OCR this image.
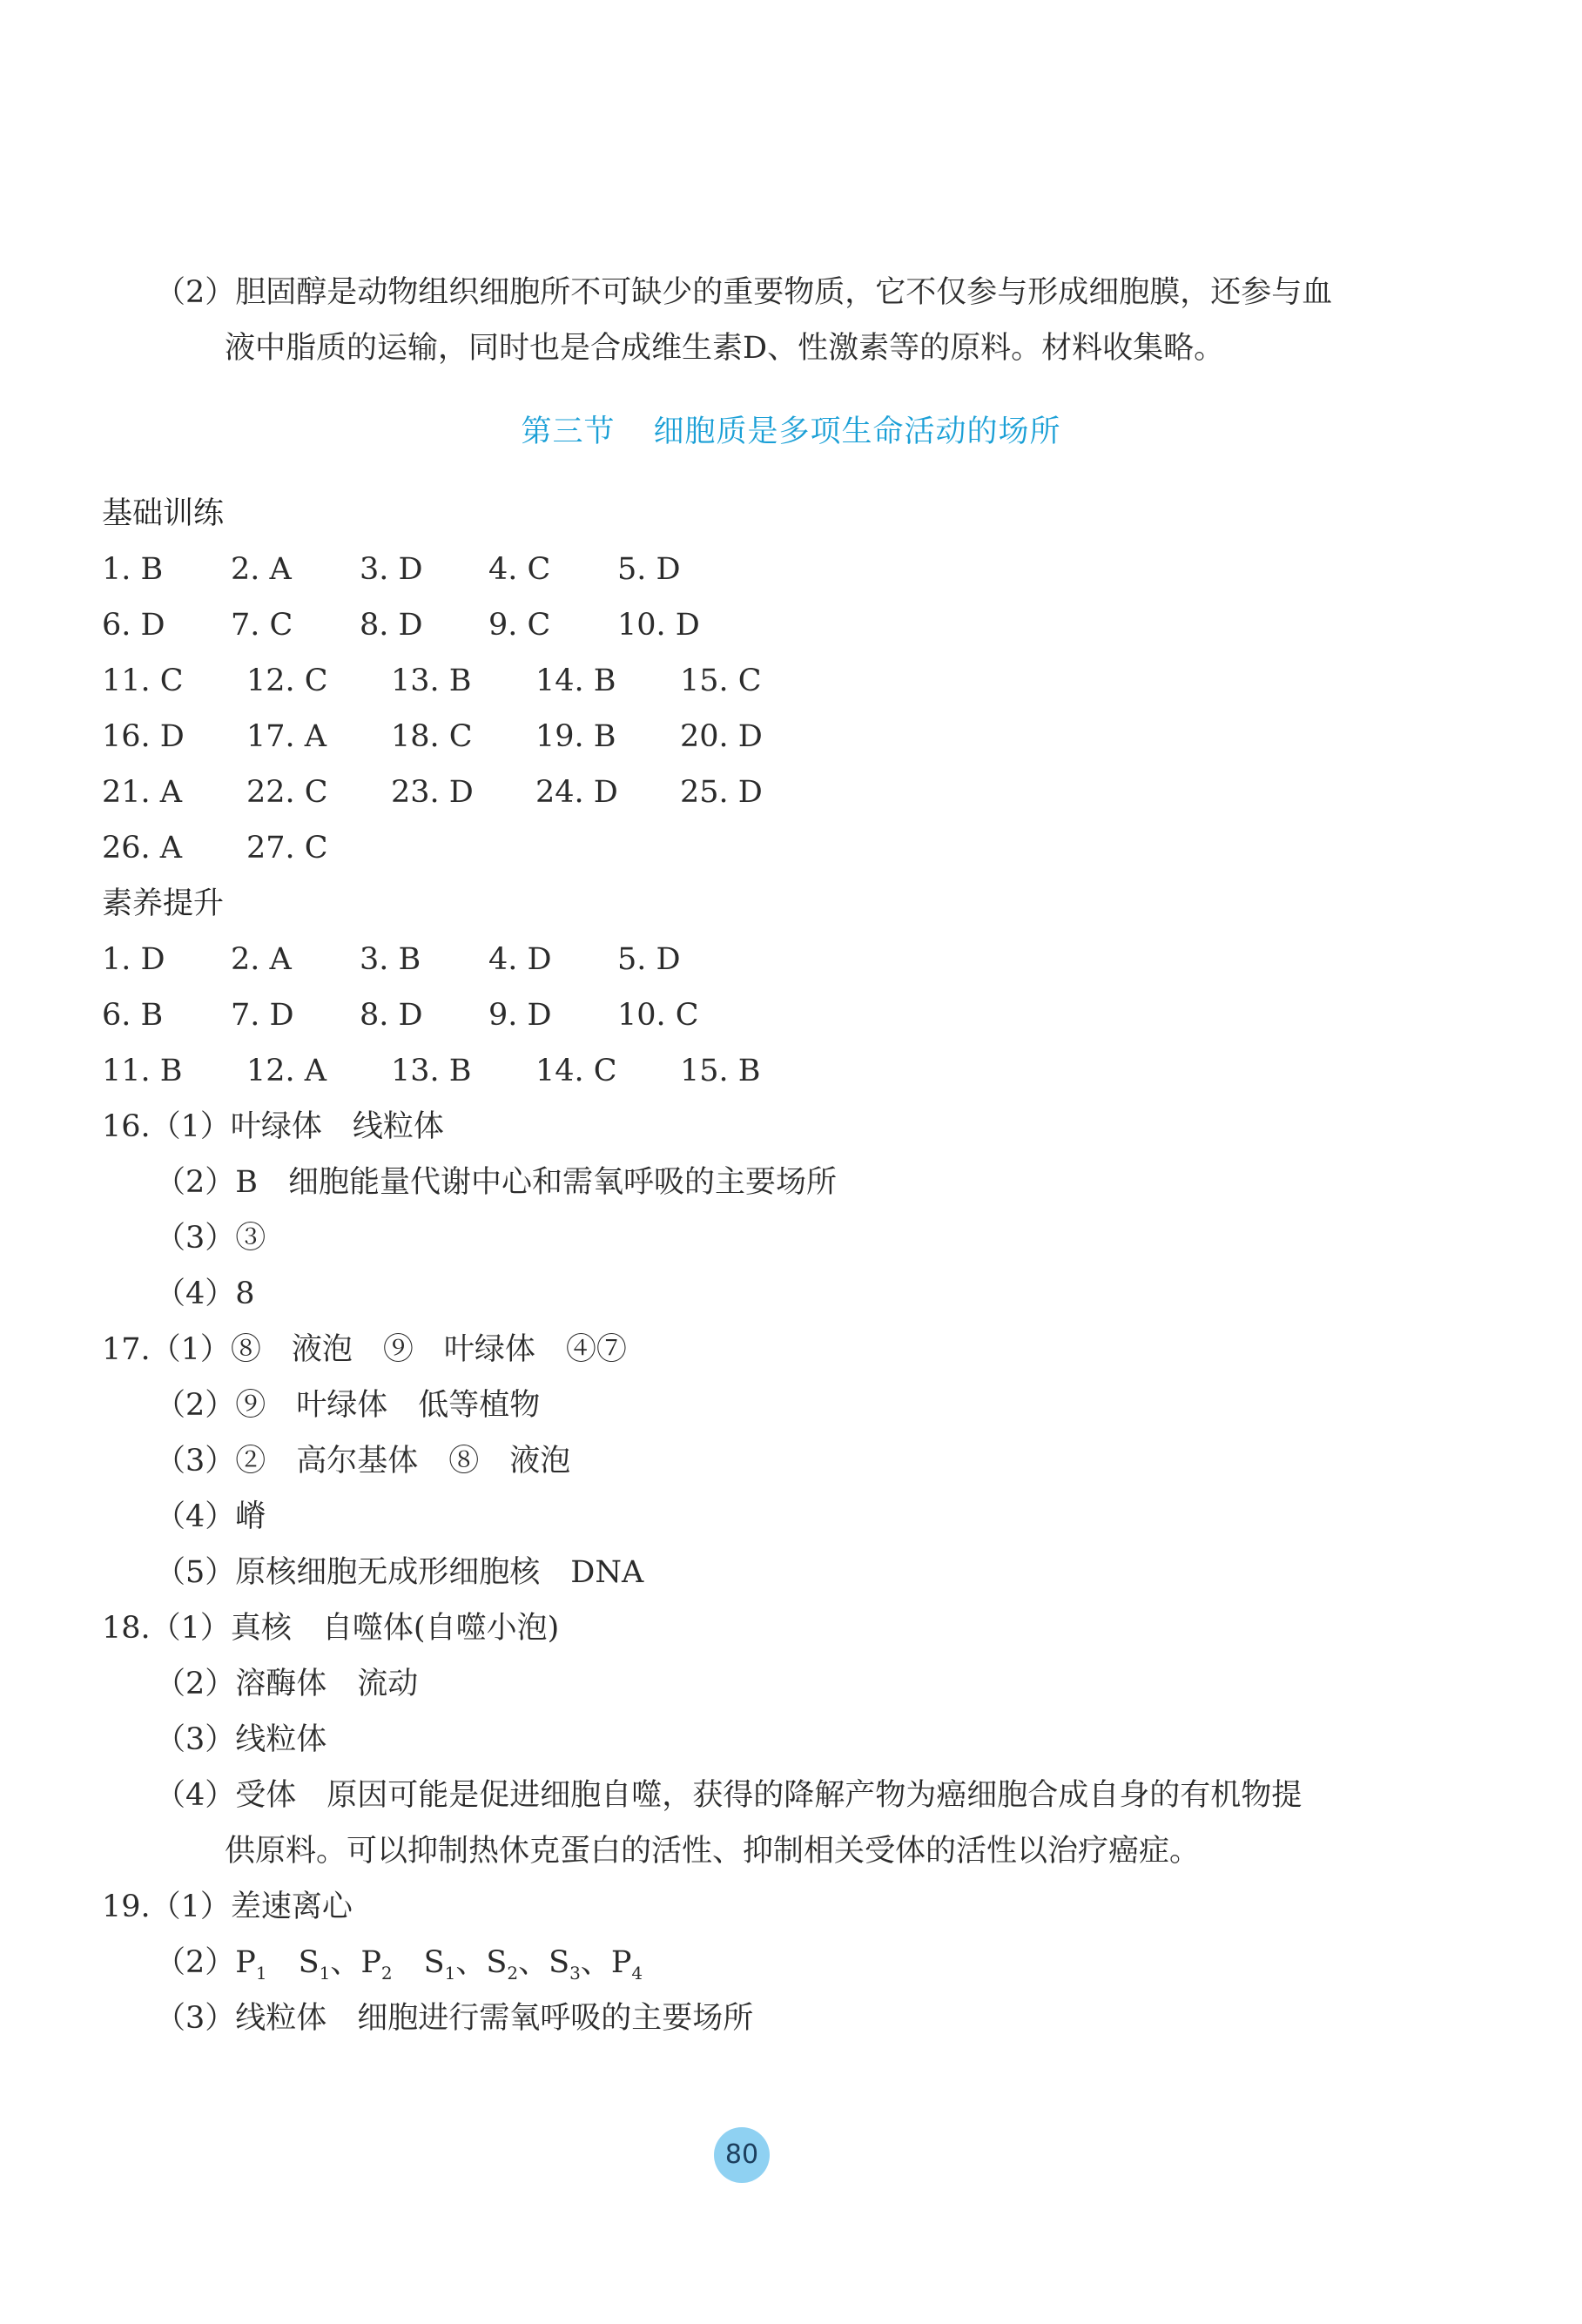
（2）胆固醇是动物组织细胞所不可缺少的重要物质，它不仅参与形成细胞膜，还参与血
液中脂质的运输，同时也是合成维生素D、性激素等的原料。材料收集略。
第三节 细胞质是多项生命活动的场所
基础训练
1. B 2. A 3. D 4. C 5. D
6. D 7. C 8. D 9. C 10. D
11. C 12. C 13. B 14. B 15. C
16. D 17. A 18. C 19. B 20. D
21. A 22. C 23. D 24. D 25. D
26. A 27. C
素养提升
1. D 2. A 3. B 4. D 5. D
6. B 7. D 8. D 9. D 10. C
11. B 12. A 13. B 14. C 15. B
16.（1）叶绿体　线粒体
（2）B　细胞能量代谢中心和需氧呼吸的主要场所
（3）③
（4）8
17.（1）⑧　液泡　⑨　叶绿体　④⑦
（2）⑨　叶绿体　低等植物
（3）②　高尔基体　⑧　液泡
（4）嵴
（5）原核细胞无成形细胞核　DNA
18.（1）真核　自噬体(自噬小泡)
（2）溶酶体　流动
（3）线粒体
（4）受体　原因可能是促进细胞自噬，获得的降解产物为癌细胞合成自身的有机物提
供原料。可以抑制热休克蛋白的活性、抑制相关受体的活性以治疗癌症。
19.（1）差速离心
$(2)P_1$ $S_1$、$P_2$ $S_1$、$S_2$、$S_3$、$P_4$
（3）线粒体　细胞进行需氧呼吸的主要场所
80
